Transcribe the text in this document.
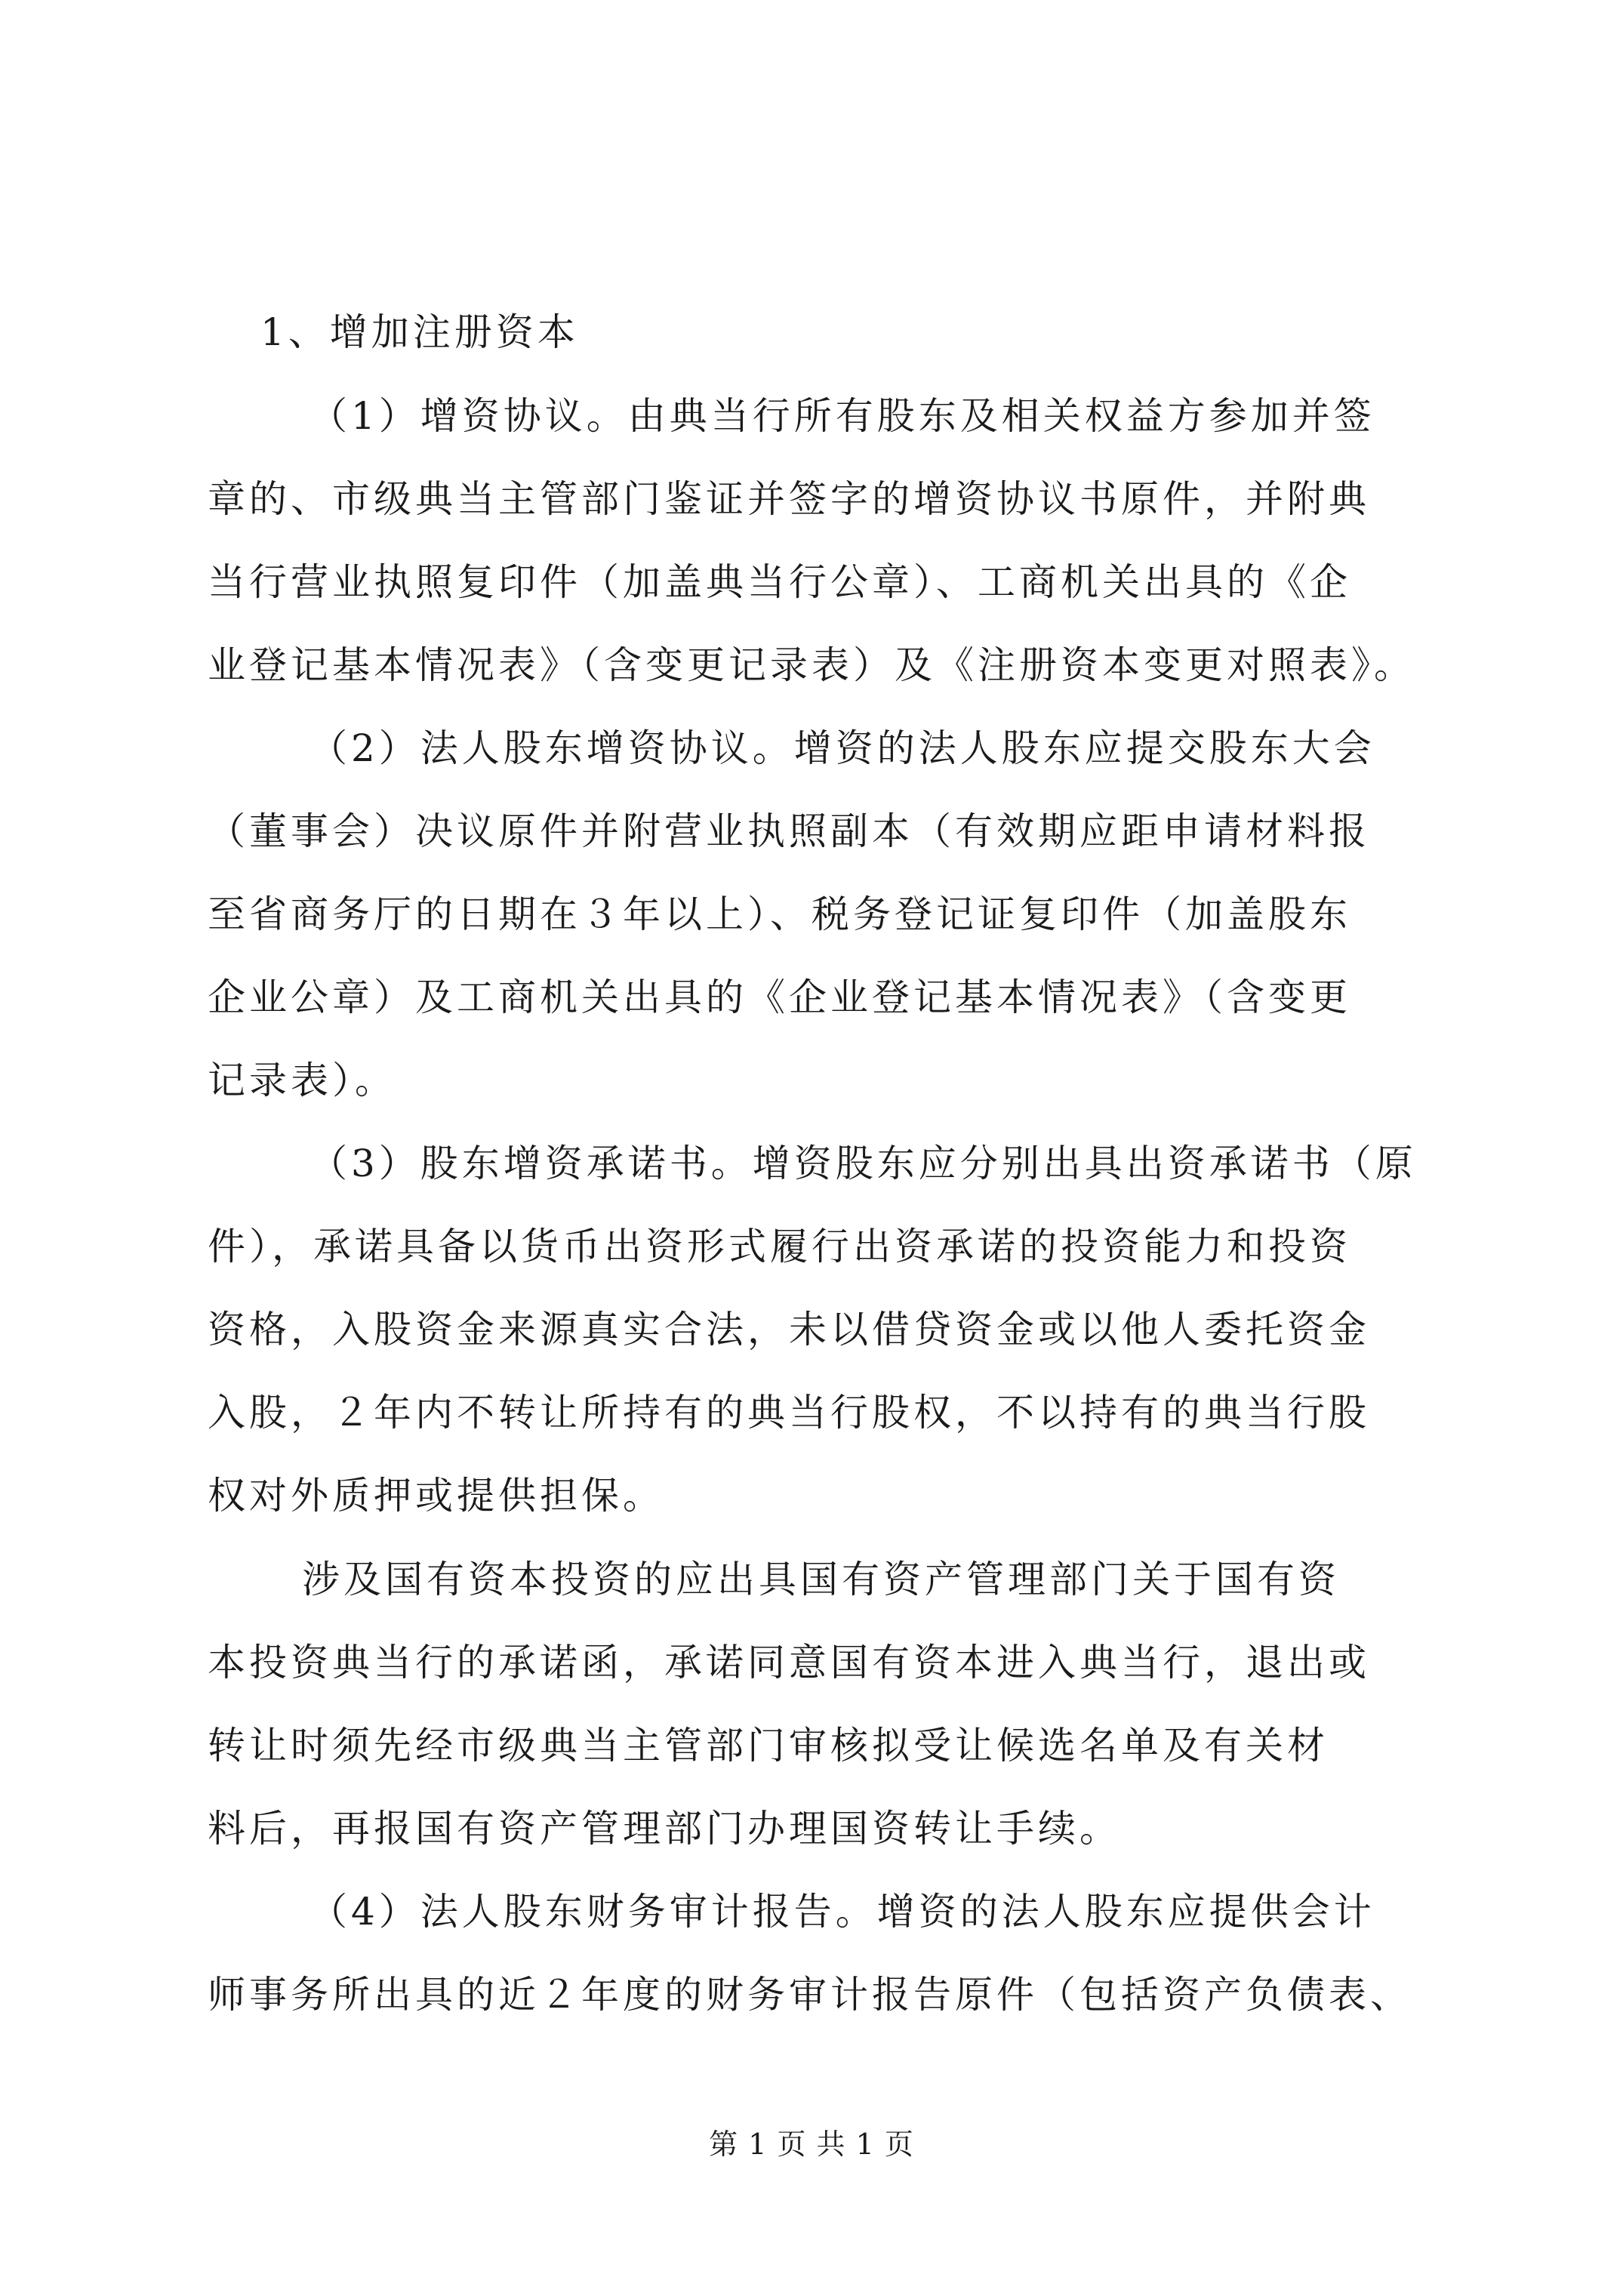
1、增加注册资本
（1）增资协议。由典当行所有股东及相关权益方参加并签
章的、市级典当主管部门鉴证并签字的增资协议书原件，并附典
当行营业执照复印件（加盖典当行公章）、工商机关出具的《企
业登记基本情况表》（含变更记录表）及《注册资本变更对照表》。
（2）法人股东增资协议。增资的法人股东应提交股东大会
（董事会）决议原件并附营业执照副本（有效期应距申请材料报
至省商务厅的日期在３年以上）、税务登记证复印件（加盖股东
企业公章）及工商机关出具的《企业登记基本情况表》（含变更
记录表）。
（3）股东增资承诺书。增资股东应分别出具出资承诺书（原
件），承诺具备以货币出资形式履行出资承诺的投资能力和投资
资格，入股资金来源真实合法，未以借贷资金或以他人委托资金
入股，２年内不转让所持有的典当行股权，不以持有的典当行股
权对外质押或提供担保。
涉及国有资本投资的应出具国有资产管理部门关于国有资
本投资典当行的承诺函，承诺同意国有资本进入典当行，退出或
转让时须先经市级典当主管部门审核拟受让候选名单及有关材
料后，再报国有资产管理部门办理国资转让手续。
（4）法人股东财务审计报告。增资的法人股东应提供会计
师事务所出具的近２年度的财务审计报告原件（包括资产负债表、
第 1 页 共 1 页
